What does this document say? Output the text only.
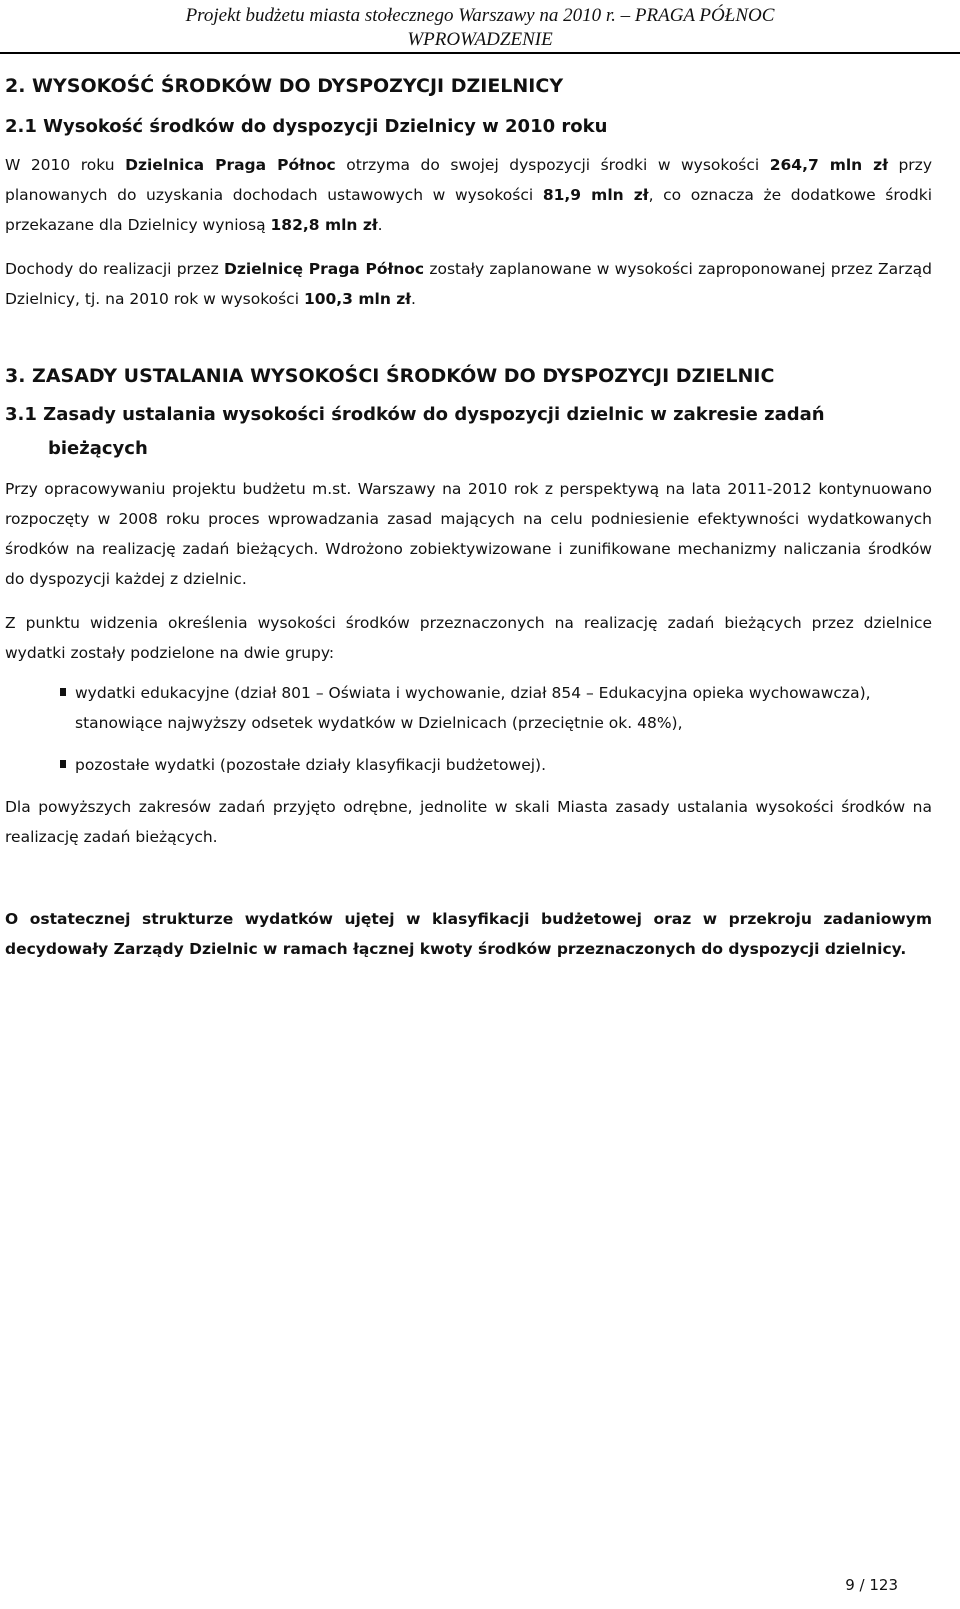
Projekt budżetu miasta stołecznego Warszawy na 2010 r. – PRAGA PÓŁNOC
WPROWADZENIE
2. WYSOKOŚĆ ŚRODKÓW DO DYSPOZYCJI DZIELNICY
2.1 Wysokość środków do dyspozycji Dzielnicy w 2010 roku

W 2010 roku Dzielnica Praga Północ otrzyma do swojej dyspozycji środki w wysokości 264,7 mln zł przy planowanych do uzyskania dochodach ustawowych w wysokości 81,9 mln zł, co oznacza że dodatkowe środki przekazane dla Dzielnicy wyniosą 182,8 mln zł.

Dochody do realizacji przez Dzielnicę Praga Północ zostały zaplanowane w wysokości zaproponowanej przez Zarząd Dzielnicy, tj. na 2010 rok w wysokości 100,3 mln zł.

3. ZASADY USTALANIA WYSOKOŚCI ŚRODKÓW DO DYSPOZYCJI DZIELNIC
3.1 Zasady ustalania wysokości środków do dyspozycji dzielnic w zakresie zadań
bieżących

Przy opracowywaniu projektu budżetu m.st. Warszawy na 2010 rok z perspektywą na lata 2011-2012 kontynuowano rozpoczęty w 2008 roku proces wprowadzania zasad mających na celu podniesienie efektywności wydatkowanych środków na realizację zadań bieżących. Wdrożono zobiektywizowane i zunifikowane mechanizmy naliczania środków do dyspozycji każdej z dzielnic.

Z punktu widzenia określenia wysokości środków przeznaczonych na realizację zadań bieżących przez dzielnice wydatki zostały podzielone na dwie grupy:

wydatki edukacyjne (dział 801 – Oświata i wychowanie, dział 854 – Edukacyjna opieka wychowawcza), stanowiące najwyższy odsetek wydatków w Dzielnicach (przeciętnie ok. 48%),
pozostałe wydatki (pozostałe działy klasyfikacji budżetowej).

Dla powyższych zakresów zadań przyjęto odrębne, jednolite w skali Miasta zasady ustalania wysokości środków na realizację zadań bieżących.

O ostatecznej strukturze wydatków ujętej w klasyfikacji budżetowej oraz w przekroju zadaniowym decydowały Zarządy Dzielnic w ramach łącznej kwoty środków przeznaczonych do dyspozycji dzielnicy.

9 / 123
